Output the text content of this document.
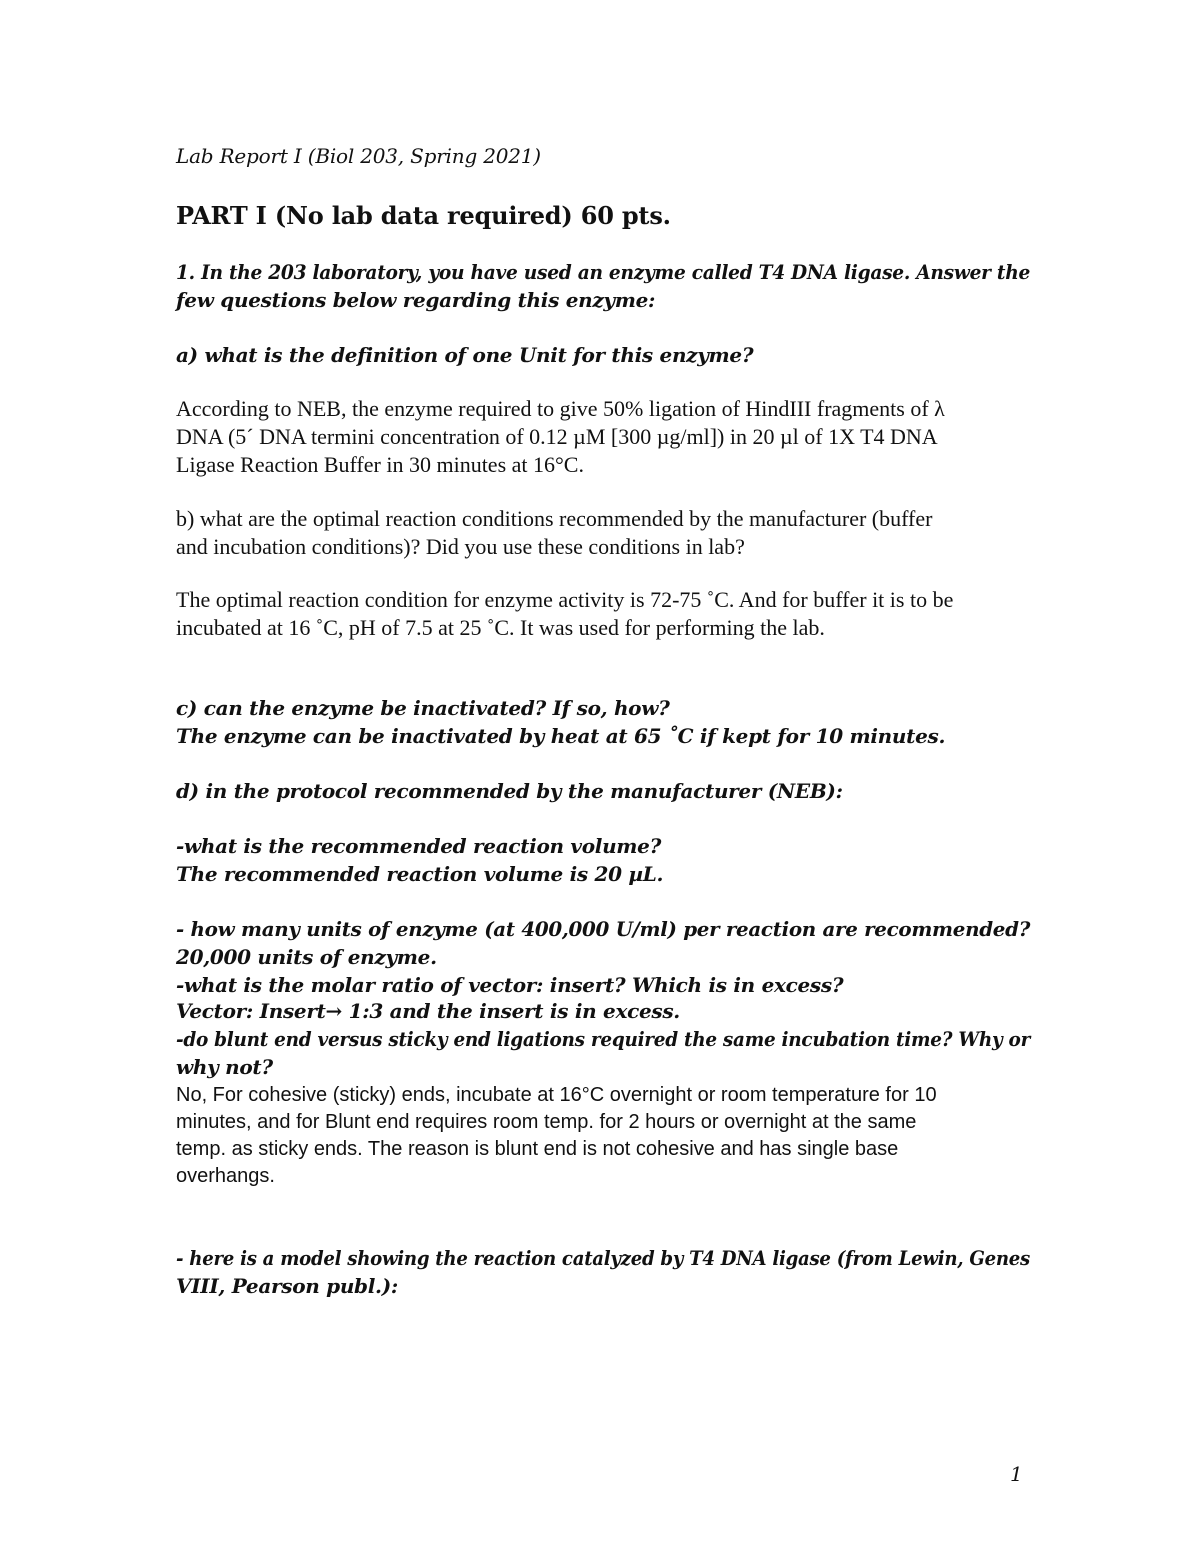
Lab Report I (Biol 203, Spring 2021)
PART I (No lab data required) 60 pts.
1. In the 203 laboratory, you have used an enzyme called T4 DNA ligase. Answer the
few questions below regarding this enzyme:
a) what is the definition of one Unit for this enzyme?
According to NEB, the enzyme required to give 50% ligation of HindIII fragments of λ
DNA (5´ DNA termini concentration of 0.12 µM [300 µg/ml]) in 20 µl of 1X T4 DNA
Ligase Reaction Buffer in 30 minutes at 16°C.
b) what are the optimal reaction conditions recommended by the manufacturer (buffer
and incubation conditions)? Did you use these conditions in lab?
The optimal reaction condition for enzyme activity is 72-75 ˚C. And for buffer it is to be
incubated at 16 ˚C, pH of 7.5 at 25 ˚C. It was used for performing the lab.
c) can the enzyme be inactivated? If so, how?
The enzyme can be inactivated by heat at 65 ˚C if kept for 10 minutes.
d) in the protocol recommended by the manufacturer (NEB):
-what is the recommended reaction volume?
The recommended reaction volume is 20 µL.
- how many units of enzyme (at 400,000 U/ml) per reaction are recommended?
20,000 units of enzyme.
-what is the molar ratio of vector: insert? Which is in excess?
Vector: Insert→ 1:3 and the insert is in excess.
-do blunt end versus sticky end ligations required the same incubation time? Why or
why not?
No, For cohesive (sticky) ends, incubate at 16°C overnight or room temperature for 10
minutes, and for Blunt end requires room temp. for 2 hours or overnight at the same
temp. as sticky ends. The reason is blunt end is not cohesive and has single base
overhangs.
- here is a model showing the reaction catalyzed by T4 DNA ligase (from Lewin, Genes
VIII, Pearson publ.):
1
